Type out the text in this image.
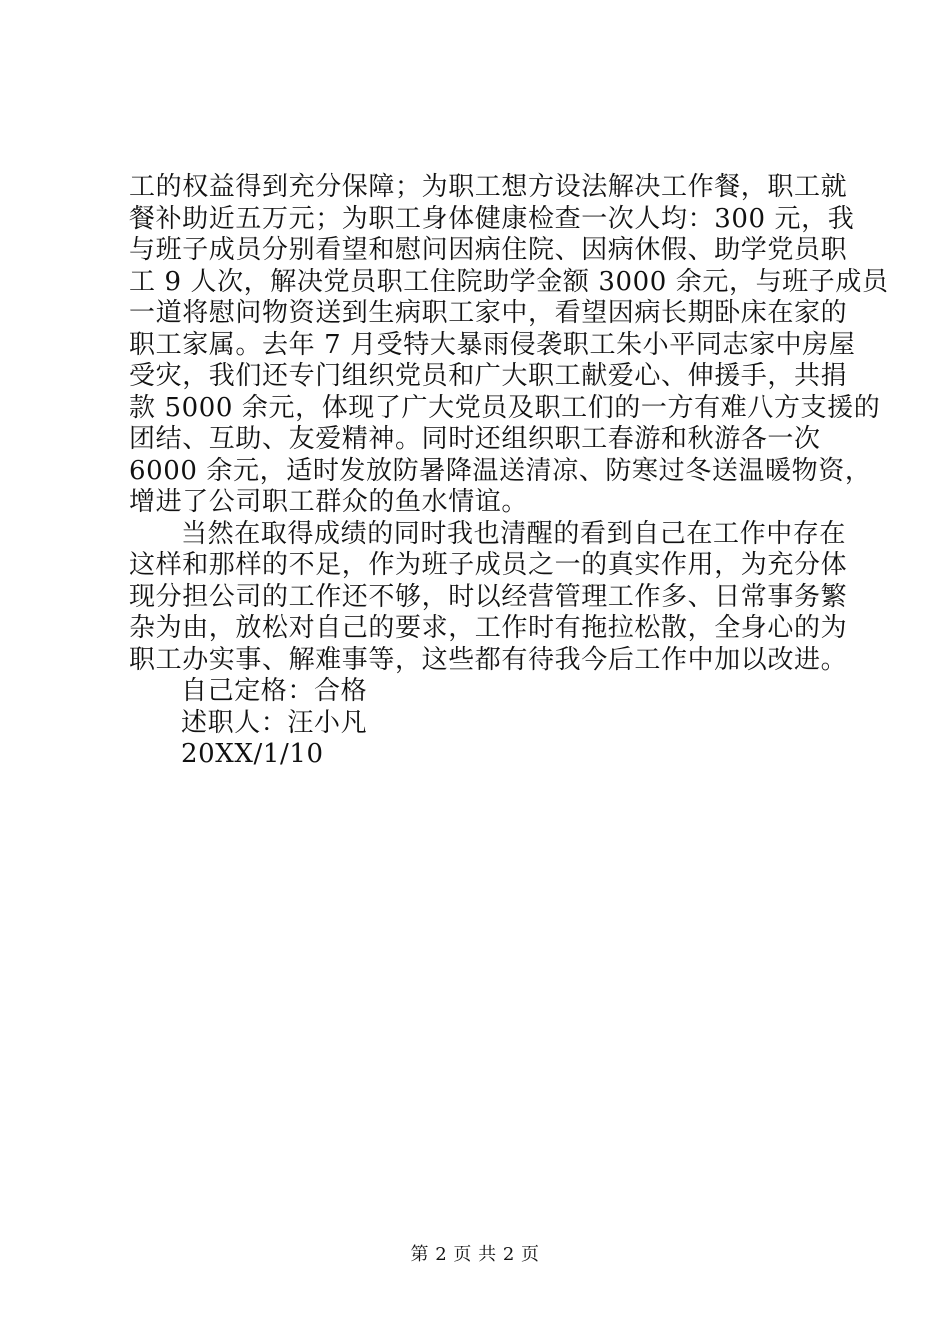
工的权益得到充分保障；为职工想方设法解决工作餐，职工就
餐补助近五万元；为职工身体健康检查一次人均：300 元，我
与班子成员分别看望和慰问因病住院、因病休假、助学党员职
工 9 人次，解决党员职工住院助学金额 3000 余元，与班子成员
一道将慰问物资送到生病职工家中，看望因病长期卧床在家的
职工家属。去年 7 月受特大暴雨侵袭职工朱小平同志家中房屋
受灾，我们还专门组织党员和广大职工献爱心、伸援手，共捐
款 5000 余元，体现了广大党员及职工们的一方有难八方支援的
团结、互助、友爱精神。同时还组织职工春游和秋游各一次
6000 余元，适时发放防暑降温送清凉、防寒过冬送温暖物资，
增进了公司职工群众的鱼水情谊。
当然在取得成绩的同时我也清醒的看到自己在工作中存在
这样和那样的不足，作为班子成员之一的真实作用，为充分体
现分担公司的工作还不够，时以经营管理工作多、日常事务繁
杂为由，放松对自己的要求，工作时有拖拉松散，全身心的为
职工办实事、解难事等，这些都有待我今后工作中加以改进。
自己定格：合格
述职人：汪小凡
20XX/1/10
第 2 页 共 2 页
